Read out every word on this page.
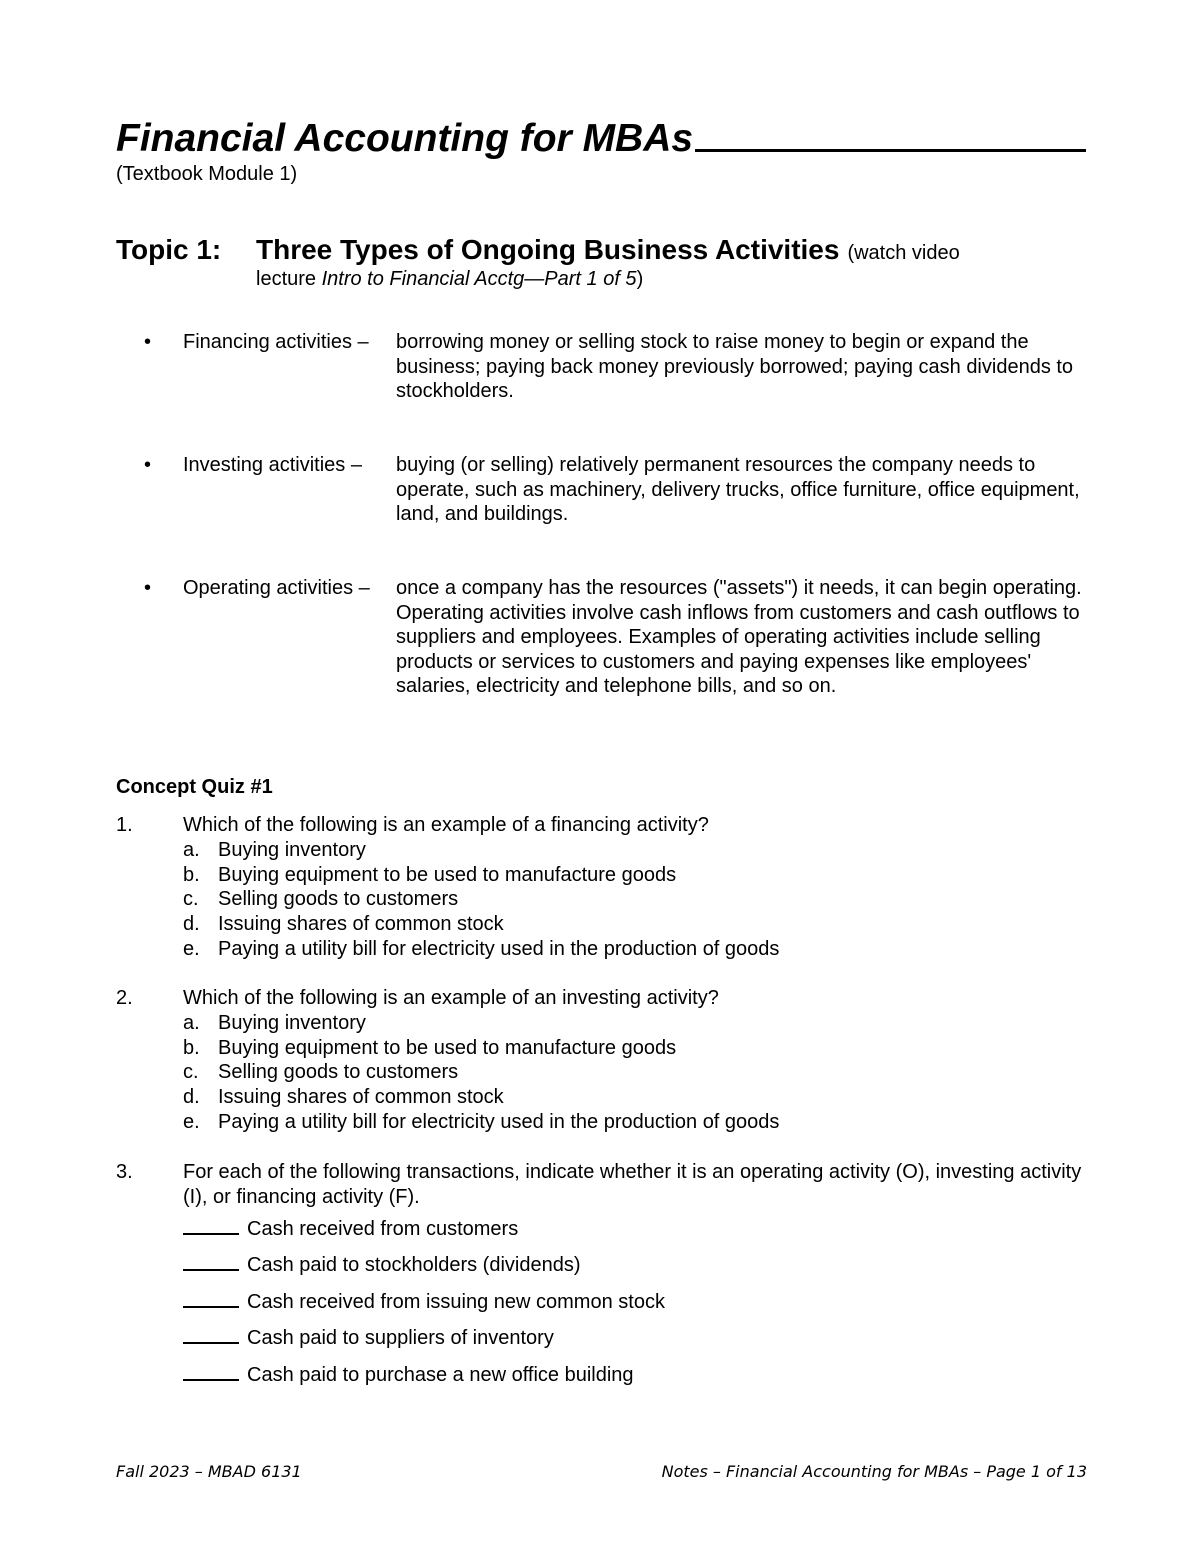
Financial Accounting for MBAs
(Textbook Module 1)
Topic 1:	Three Types of Ongoing Business Activities (watch video
lecture Intro to Financial Acctg—Part 1 of 5)
•	Financing activities –	borrowing money or selling stock to raise money to begin or expand the business; paying back money previously borrowed; paying cash dividends to stockholders.
•	Investing activities –	buying (or selling) relatively permanent resources the company needs to operate, such as machinery, delivery trucks, office furniture, office equipment, land, and buildings.
•	Operating activities –	once a company has the resources ("assets") it needs, it can begin operating. Operating activities involve cash inflows from customers and cash outflows to suppliers and employees. Examples of operating activities include selling products or services to customers and paying expenses like employees' salaries, electricity and telephone bills, and so on.
Concept Quiz #1
1.	Which of the following is an example of a financing activity?
a. Buying inventory
b. Buying equipment to be used to manufacture goods
c. Selling goods to customers
d. Issuing shares of common stock
e. Paying a utility bill for electricity used in the production of goods
2.	Which of the following is an example of an investing activity?
a. Buying inventory
b. Buying equipment to be used to manufacture goods
c. Selling goods to customers
d. Issuing shares of common stock
e. Paying a utility bill for electricity used in the production of goods
3.	For each of the following transactions, indicate whether it is an operating activity (O), investing activity (I), or financing activity (F).
Cash received from customers
Cash paid to stockholders (dividends)
Cash received from issuing new common stock
Cash paid to suppliers of inventory
Cash paid to purchase a new office building
Fall 2023 – MBAD 6131	Notes – Financial Accounting for MBAs – Page 1 of 13
